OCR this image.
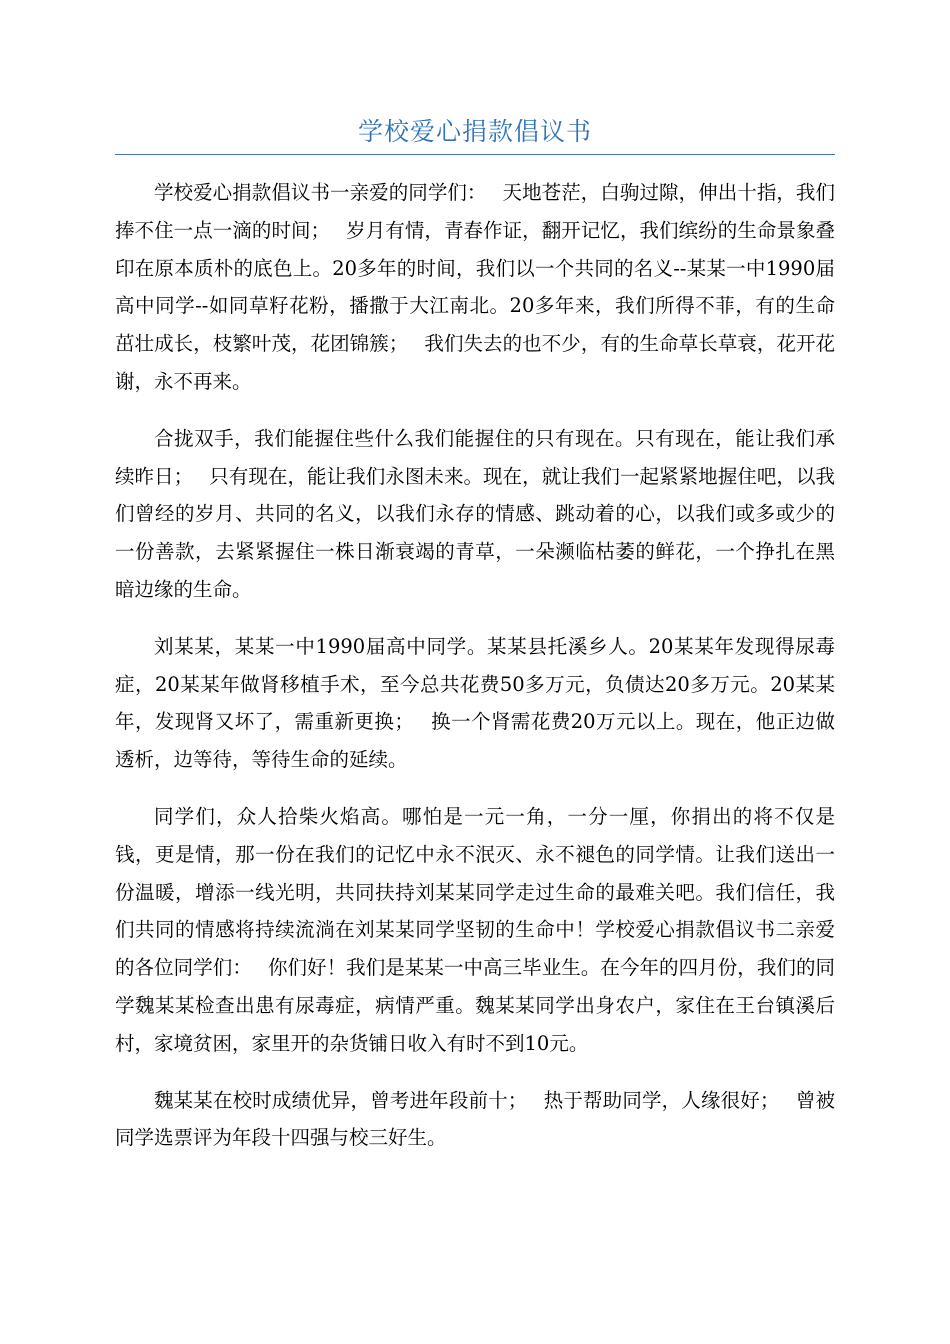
学校爱心捐款倡议书

学校爱心捐款倡议书一亲爱的同学们：　 天地苍茫，白驹过隙，伸出十指，我们捧不住一点一滴的时间；　 岁月有情，青春作证，翻开记忆，我们缤纷的生命景象叠印在原本质朴的底色上。20多年的时间，我们以一个共同的名义--某某一中1990届高中同学--如同草籽花粉，播撒于大江南北。20多年来，我们所得不菲，有的生命茁壮成长，枝繁叶茂，花团锦簇；　 我们失去的也不少，有的生命草长草衰，花开花谢，永不再来。

合拢双手，我们能握住些什么我们能握住的只有现在。只有现在，能让我们承续昨日；　 只有现在，能让我们永图未来。现在，就让我们一起紧紧地握住吧，以我们曾经的岁月、共同的名义，以我们永存的情感、跳动着的心，以我们或多或少的一份善款，去紧紧握住一株日渐衰竭的青草，一朵濒临枯萎的鲜花，一个挣扎在黑暗边缘的生命。

刘某某，某某一中1990届高中同学。某某县托溪乡人。20某某年发现得尿毒症，20某某年做肾移植手术，至今总共花费50多万元，负债达20多万元。20某某年，发现肾又坏了，需重新更换；　 换一个肾需花费20万元以上。现在，他正边做透析，边等待，等待生命的延续。

同学们，众人拾柴火焰高。哪怕是一元一角，一分一厘，你捐出的将不仅是钱，更是情，那一份在我们的记忆中永不泯灭、永不褪色的同学情。让我们送出一份温暖，增添一线光明，共同扶持刘某某同学走过生命的最难关吧。我们信任，我们共同的情感将持续流淌在刘某某同学坚韧的生命中！学校爱心捐款倡议书二亲爱的各位同学们：　 你们好！我们是某某一中高三毕业生。在今年的四月份，我们的同学魏某某检查出患有尿毒症，病情严重。魏某某同学出身农户，家住在王台镇溪后村，家境贫困，家里开的杂货铺日收入有时不到10元。

魏某某在校时成绩优异，曾考进年段前十；　 热于帮助同学，人缘很好；　 曾被同学选票评为年段十四强与校三好生。
